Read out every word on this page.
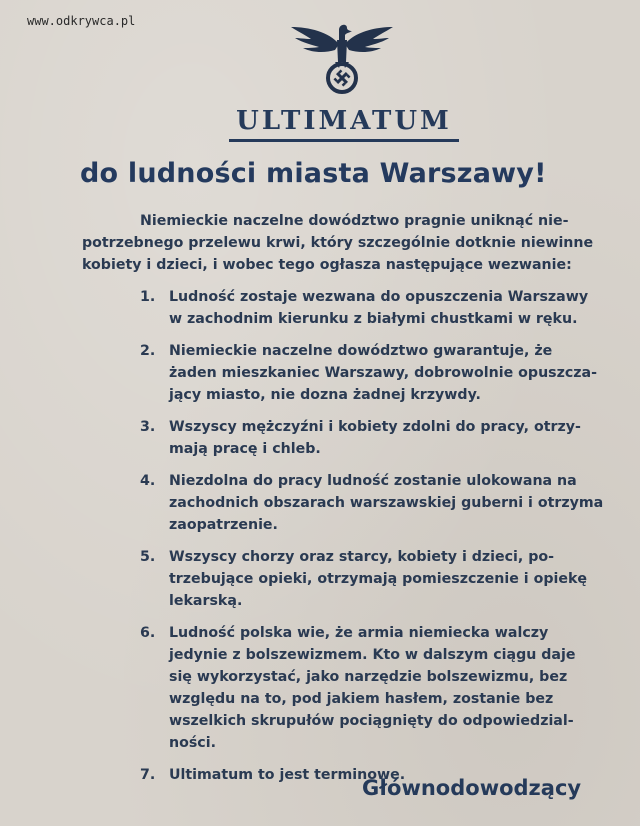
www.odkrywca.pl
ULTIMATUM
do ludności miasta Warszawy!
Niemieckie naczelne dowództwo pragnie uniknąć nie-
potrzebnego przelewu krwi, który szczególnie dotknie niewinne
kobiety i dzieci, i wobec tego ogłasza następujące wezwanie:
1. Ludność zostaje wezwana do opuszczenia Warszawy
w zachodnim kierunku z białymi chustkami w ręku.
2. Niemieckie naczelne dowództwo gwarantuje, że
żaden mieszkaniec Warszawy, dobrowolnie opuszcza-
jący miasto, nie dozna żadnej krzywdy.
3. Wszyscy mężczyźni i kobiety zdolni do pracy, otrzy-
mają pracę i chleb.
4. Niezdolna do pracy ludność zostanie ulokowana na
zachodnich obszarach warszawskiej guberni i otrzyma
zaopatrzenie.
5. Wszyscy chorzy oraz starcy, kobiety i dzieci, po-
trzebujące opieki, otrzymają pomieszczenie i opiekę
lekarską.
6. Ludność polska wie, że armia niemiecka walczy
jedynie z bolszewizmem. Kto w dalszym ciągu daje
się wykorzystać, jako narzędzie bolszewizmu, bez
względu na to, pod jakiem hasłem, zostanie bez
wszelkich skrupułów pociągnięty do odpowiedzial-
ności.
7. Ultimatum to jest terminowe.
Głównodowodzący
